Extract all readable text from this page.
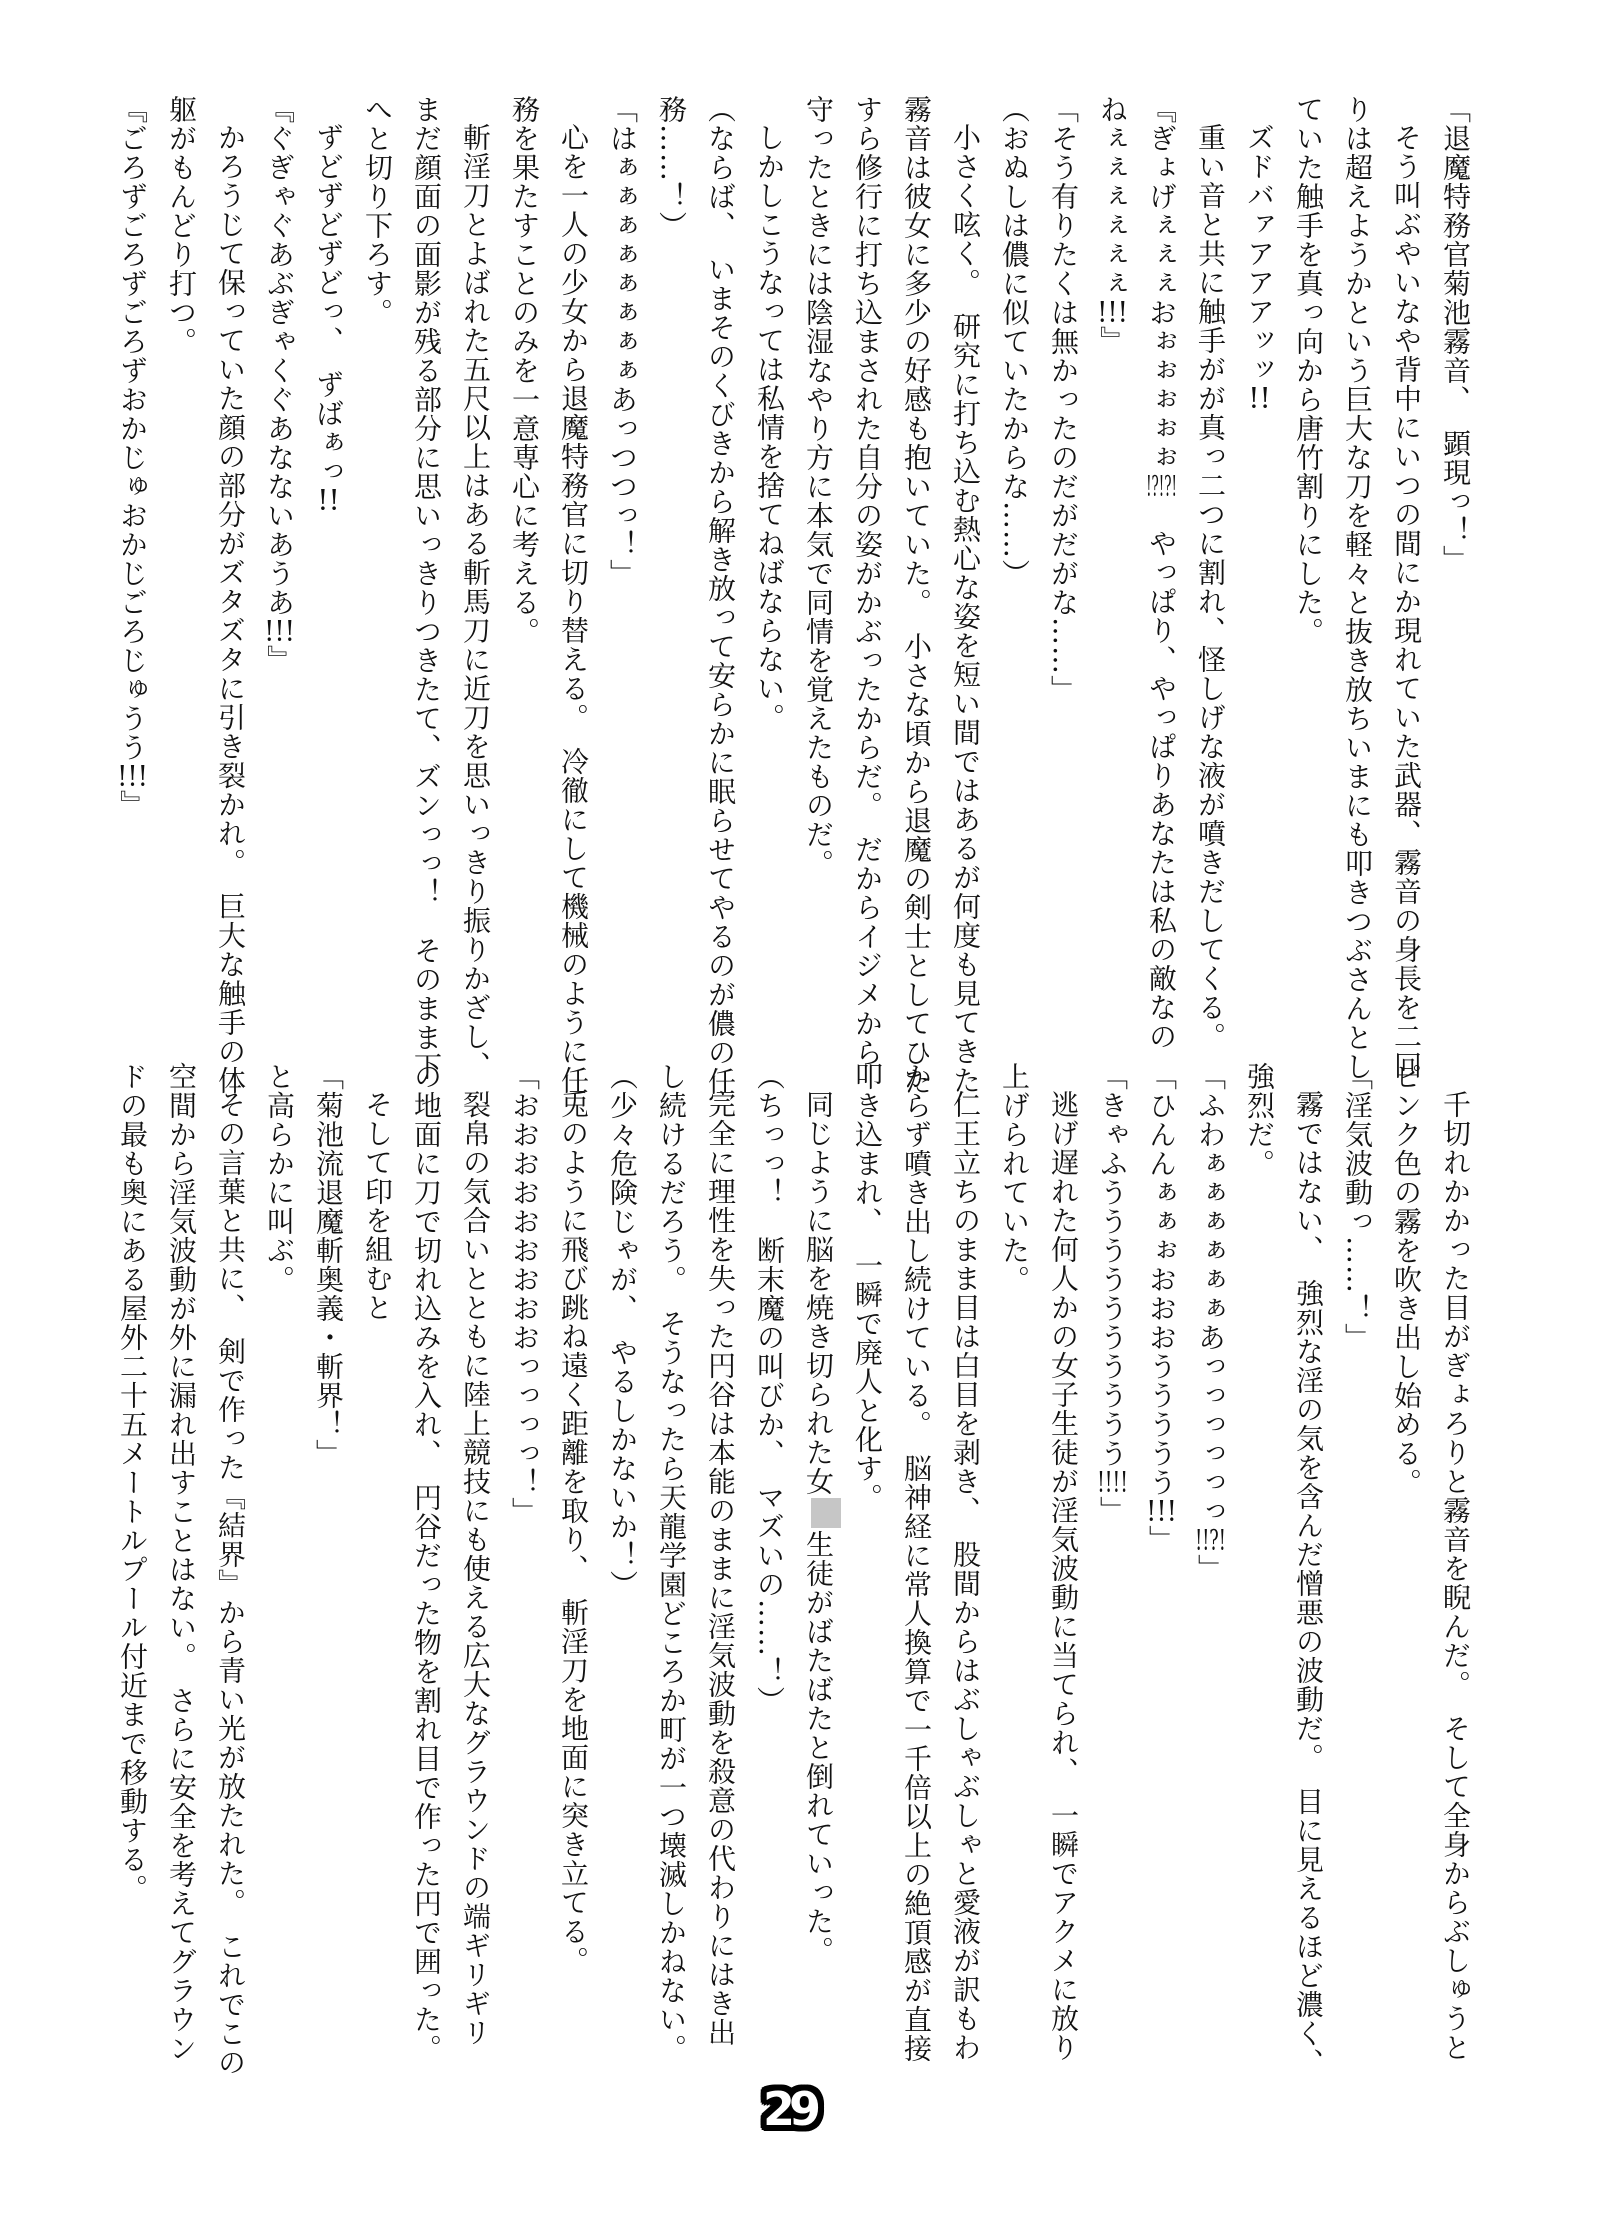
「退魔特務官菊池霧音、　顕現っ！」

そう叫ぶやいなや背中にいつの間にか現れていた武器、霧音の身長を二回

りは超えようかという巨大な刀を軽々と抜き放ちいまにも叩きつぶさんとし

ていた触手を真っ向から唐竹割りにした。

ズドバァアアアッッ!!

重い音と共に触手がが真っ二つに割れ、怪しげな液が噴きだしてくる。

『ぎょげぇぇぇおぉぉぉぉぉ!?!?!　やっぱり、やっぱりあなたは私の敵なの

ねぇぇぇぇぇぇ!!!』

「そう有りたくは無かったのだがだがな……」

（おぬしは儂に似ていたからな……）

小さく呟く。　研究に打ち込む熱心な姿を短い間ではあるが何度も見てきた

霧音は彼女に多少の好感も抱いていた。　小さな頃から退魔の剣士としてひた

すら修行に打ち込まされた自分の姿がかぶったからだ。　だからイジメから

守ったときには陰湿なやり方に本気で同情を覚えたものだ。

しかしこうなっては私情を捨てねばならない。

（ならば、　いまそのくびきから解き放って安らかに眠らせてやるのが儂の任

務……！）

「はぁぁぁぁぁぁぁぁあっつつっ！」

心を一人の少女から退魔特務官に切り替える。　冷徹にして機械のように任

務を果たすことのみを一意専心に考える。

斬淫刀とよばれた五尺以上はある斬馬刀に近刀を思いっきり振りかざし、

まだ顔面の面影が残る部分に思いっきりつきたて、ズンっっ！　そのまま下

へと切り下ろす。

ずどずどずどっ、　ずばぁっ!!

『ぐぎゃぐあぶぎゃくぐあなないあうあ!!!』

かろうじて保っていた顔の部分がズタズタに引き裂かれ。　巨大な触手の体

躯がもんどり打つ。

『ごろずごろずごろずおかじゅおかじごろじゅうう!!!』

千切れかかった目がぎょろりと霧音を睨んだ。　そして全身からぶしゅうと

ピンク色の霧を吹き出し始める。

「淫気波動っ……！」

霧ではない、　強烈な淫の気を含んだ憎悪の波動だ。　目に見えるほど濃く、

強烈だ。

「ふわぁぁぁぁぁぁあっっっっっっ!!?!」

「ひんんぁぁぉおおおううううう!!!」

「きゃふうううううううううう!!!!」

逃げ遅れた何人かの女子生徒が淫気波動に当てられ、　一瞬でアクメに放り

上げられていた。

仁王立ちのまま目は白目を剥き、　股間からはぶしゃぶしゃと愛液が訳もわ

からず噴き出し続けている。　脳神経に常人換算で一千倍以上の絶頂感が直接

叩き込まれ、　一瞬で廃人と化す。

同じように脳を焼き切られた女生徒がばたばたと倒れていった。

（ちっっ！　断末魔の叫びか、　マズいの……！）

完全に理性を失った円谷は本能のままに淫気波動を殺意の代わりにはき出

し続けるだろう。　そうなったら天龍学園どころか町が一つ壊滅しかねない。

（少々危険じゃが、　やるしかないか！）

兎のように飛び跳ね遠く距離を取り、　斬淫刀を地面に突き立てる。

「おおおおおおおおおっっっっ！」

裂帛の気合いとともに陸上競技にも使える広大なグラウンドの端ギリギリ

の地面に刀で切れ込みを入れ、　円谷だった物を割れ目で作った円で囲った。

そして印を組むと

「菊池流退魔斬奥義・斬界！」

と高らかに叫ぶ。

その言葉と共に、　剣で作った『結界』から青い光が放たれた。　これでこの

空間から淫気波動が外に漏れ出すことはない。　さらに安全を考えてグラウン

ドの最も奥にある屋外二十五メートルプール付近まで移動する。

29
